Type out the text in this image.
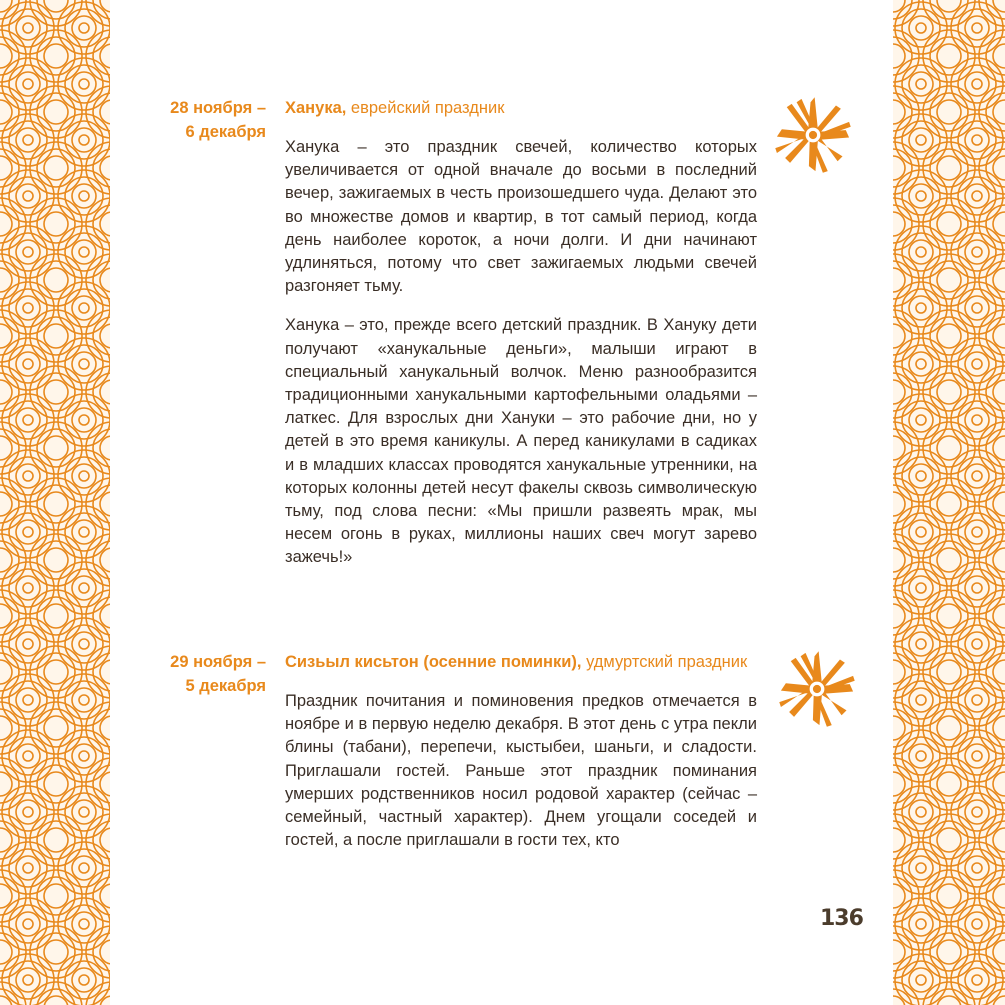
28 ноября –
6 декабря

Ханука, еврейский праздник

Ханука – это праздник свечей, количество которых увеличивается от одной вначале до восьми в последний вечер, зажигаемых в честь произошедшего чуда. Делают это во множестве домов и квартир, в тот самый период, когда день наиболее короток, а ночи долги. И дни начинают удлиняться, потому что свет зажигаемых людьми свечей разгоняет тьму.

Ханука – это, прежде всего детский праздник. В Хануку дети получают «ханукальные деньги», малыши играют в специальный ханукальный волчок. Меню разнообразится традиционными ханукальными картофельными оладьями – латкес. Для взрослых дни Хануки – это рабочие дни, но у детей в это время каникулы. А перед каникулами в садиках и в младших классах проводятся ханукальные утренники, на которых колонны детей несут факелы сквозь символическую тьму, под слова песни: «Мы пришли развеять мрак, мы несем огонь в руках, миллионы наших свеч могут зарево зажечь!»

29 ноября –
5 декабря

Сизьыл кисьтон (осенние поминки), удмуртский праздник

Праздник почитания и поминовения предков отмечается в ноябре и в первую неделю декабря. В этот день с утра пекли блины (табани), перепечи, кыстыбеи, шаньги, и сладости. Приглашали гостей. Раньше этот праздник поминания умерших родственников носил родовой характер (сейчас – семейный, частный характер). Днем угощали соседей и гостей, а после приглашали в гости тех, кто

136
